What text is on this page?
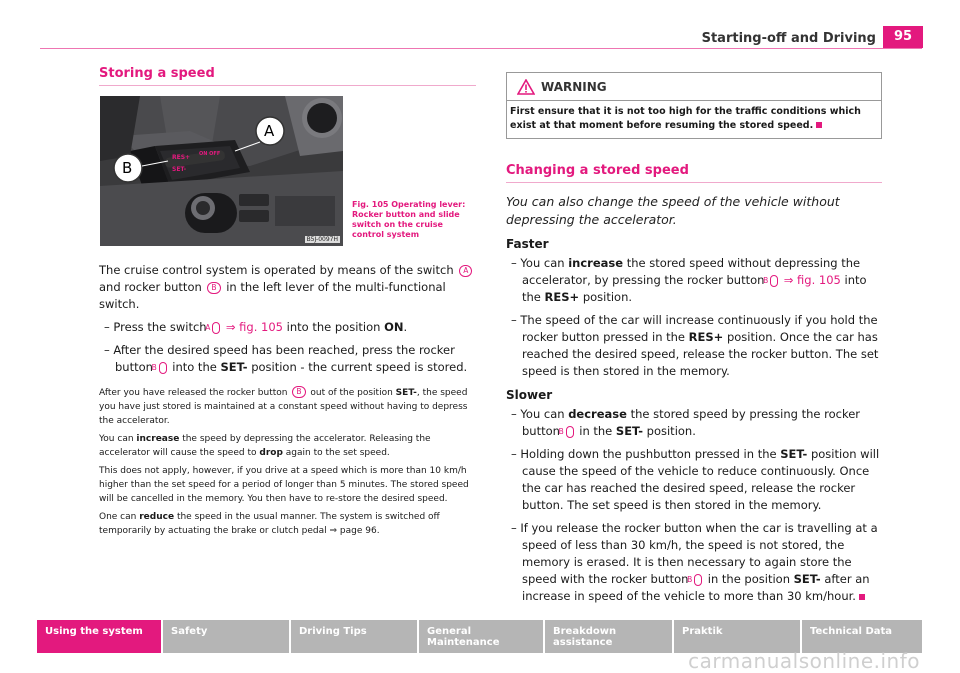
Starting-off and Driving	95
Storing a speed
RES+
SET-
ON OFF
A
B
B5J-0097H
Fig. 105 Operating lever: Rocker button and slide switch on the cruise control system

The cruise control system is operated by means of the switch A and rocker button B in the left lever of the multi-functional switch.

– Press the switch A ⇒ fig. 105 into the position ON.

– After the desired speed has been reached, press the rocker button B into the SET- position - the current speed is stored.

After you have released the rocker button B out of the position SET-, the speed you have just stored is maintained at a constant speed without having to depress the accelerator.

You can increase the speed by depressing the accelerator. Releasing the accelerator will cause the speed to drop again to the set speed.

This does not apply, however, if you drive at a speed which is more than 10 km/h higher than the set speed for a period of longer than 5 minutes. The stored speed will be cancelled in the memory. You then have to re-store the desired speed.

One can reduce the speed in the usual manner. The system is switched off temporarily by actuating the brake or clutch pedal ⇒ page 96.

WARNING
First ensure that it is not too high for the traffic conditions which exist at that moment before resuming the stored speed.
Changing a stored speed

You can also change the speed of the vehicle without depressing the accelerator.

Faster

– You can increase the stored speed without depressing the accelerator, by pressing the rocker button B ⇒ fig. 105 into the RES+ position.

– The speed of the car will increase continuously if you hold the rocker button pressed in the RES+ position. Once the car has reached the desired speed, release the rocker button. The set speed is then stored in the memory.

Slower

– You can decrease the stored speed by pressing the rocker button B in the SET- position.

– Holding down the pushbutton pressed in the SET- position will cause the speed of the vehicle to reduce continuously. Once the car has reached the desired speed, release the rocker button. The set speed is then stored in the memory.

– If you release the rocker button when the car is travelling at a speed of less than 30 km/h, the speed is not stored, the memory is erased. It is then necessary to again store the speed with the rocker button B in the position SET- after an increase in speed of the vehicle to more than 30 km/hour.

Using the system	Safety	Driving Tips	General Maintenance
Breakdown assistance
Praktik	Technical Data
carmanualsonline.info
